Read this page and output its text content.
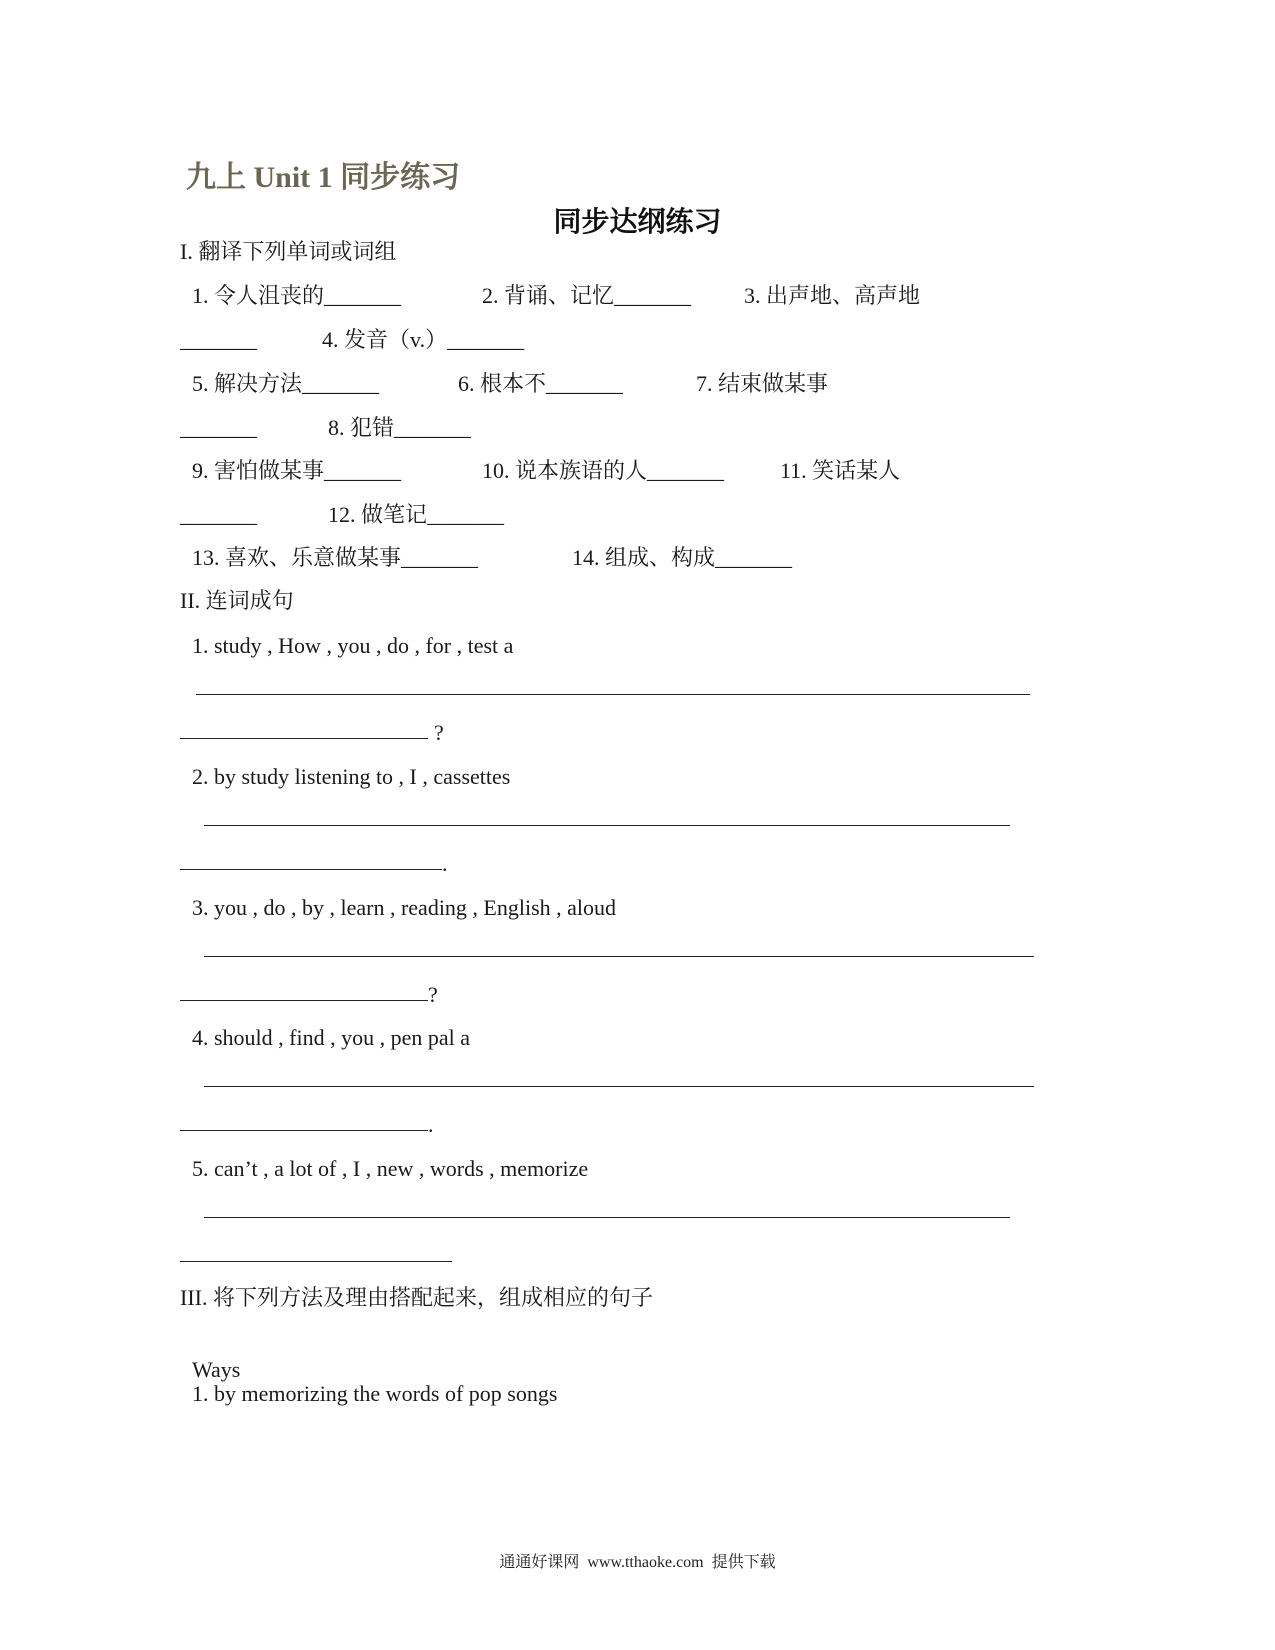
九上 Unit 1 同步练习
同步达纲练习
I. 翻译下列单词或词组
1. 令人沮丧的_______	2. 背诵、记忆_______ 3. 出声地、高声地
_______	4. 发音（v.）_______
5. 解决方法_______	6. 根本不_______	7. 结束做某事
_______	8. 犯错_______
9. 害怕做某事_______	10. 说本族语的人_______	11. 笑话某人
_______	12. 做笔记_______
13. 喜欢、乐意做某事_______	14. 组成、构成_______
II. 连词成句
1. study , How , you , do , for , test a
?
2. by study listening to , I , cassettes
.
3. you , do , by , learn , reading , English , aloud
?
4. should , find , you , pen pal a
.
5. can’t , a lot of , I , new , words , memorize
III. 将下列方法及理由搭配起来，组成相应的句子
Ways
1. by memorizing the words of pop songs
通通好课网  www.tthaoke.com  提供下载
